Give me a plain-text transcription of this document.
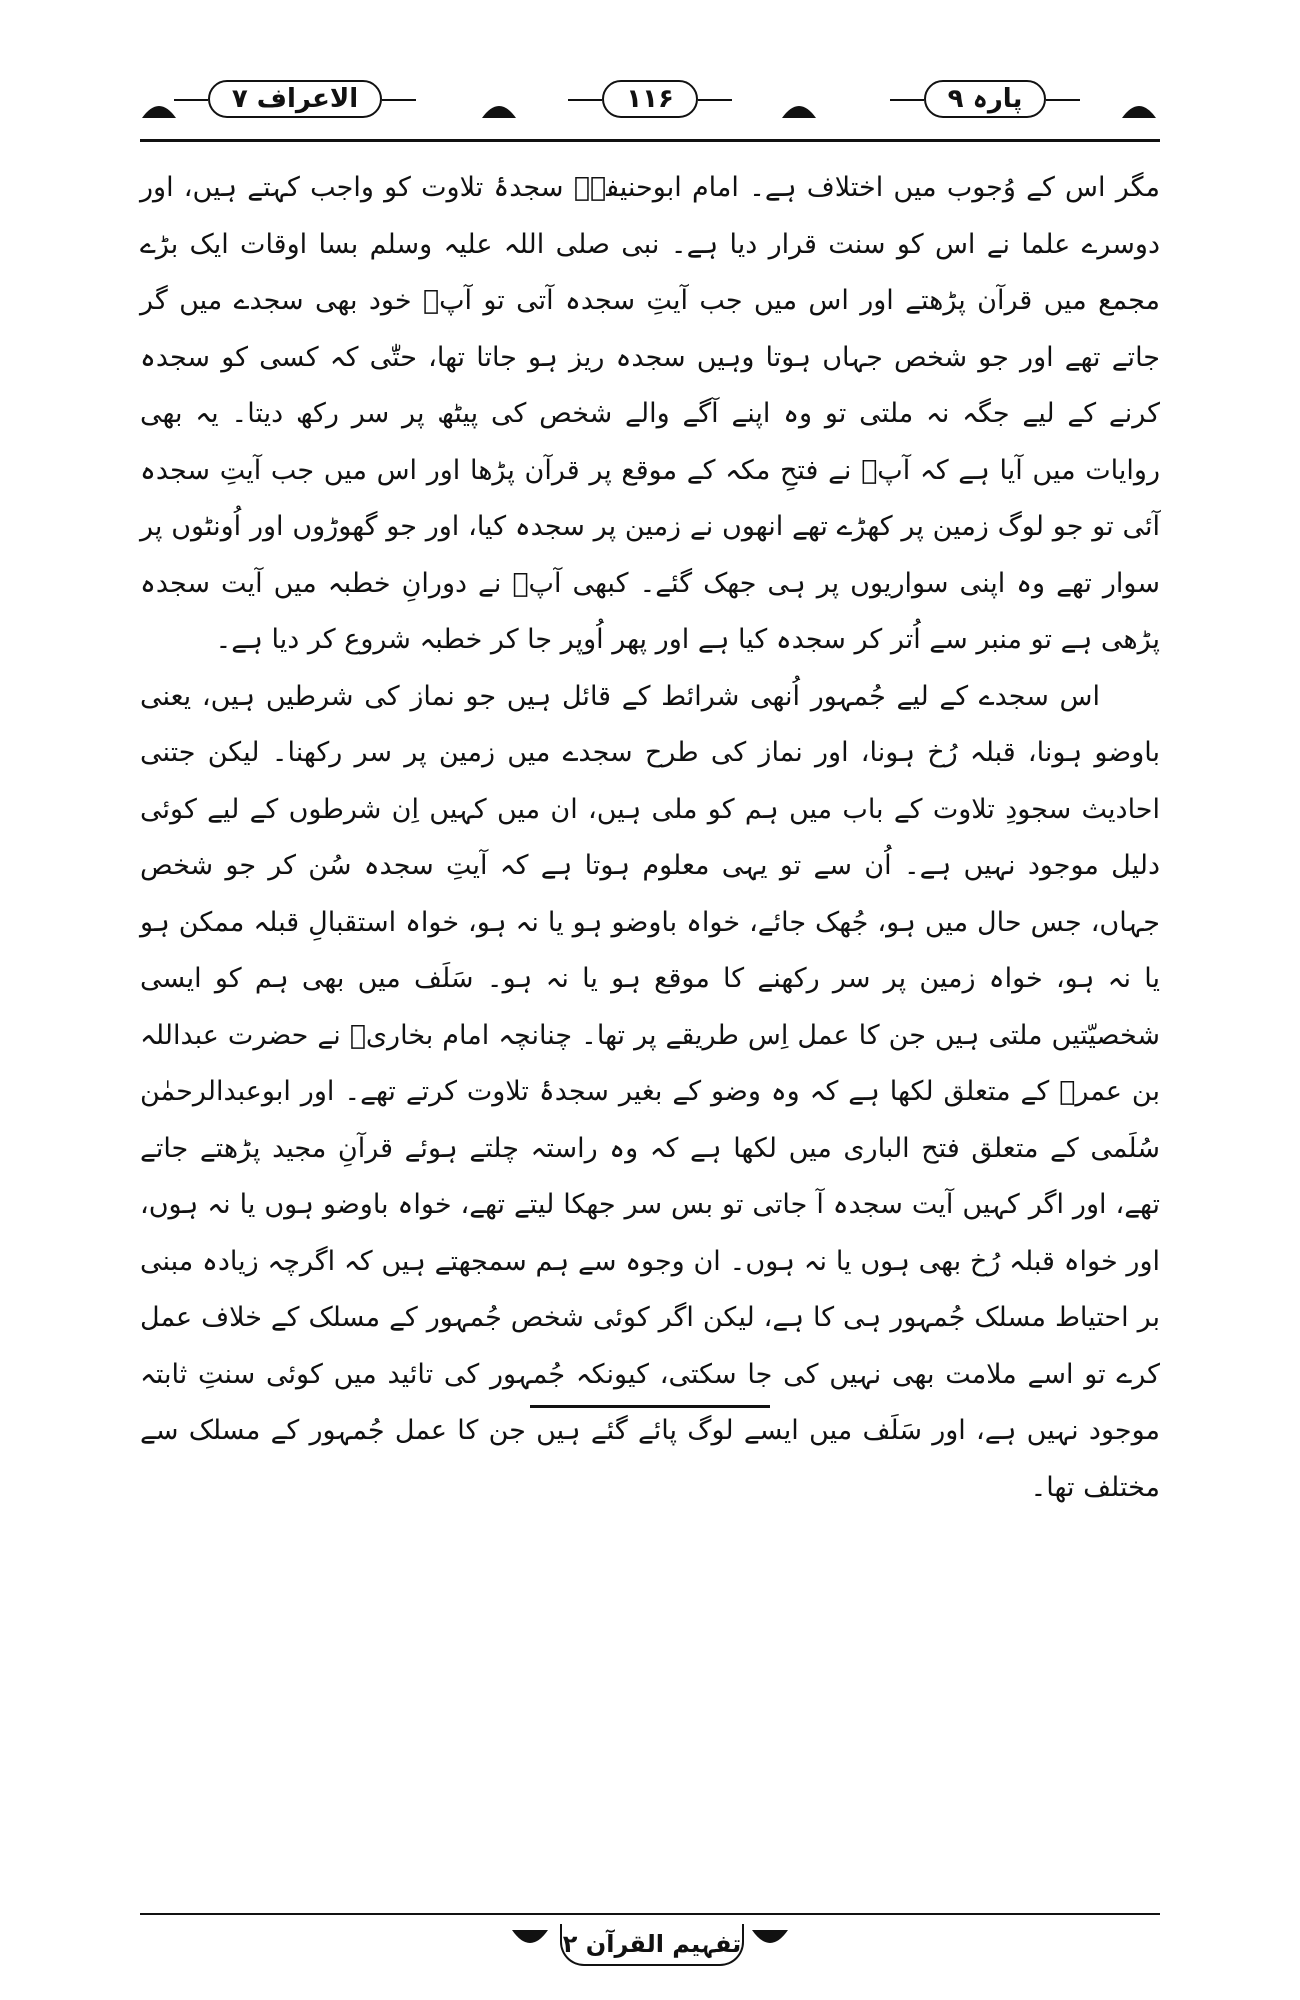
پارہ ۹
۱۱۶
الاعراف ۷

مگر اس کے وُجوب میں اختلاف ہے۔ امام ابوحنیفہؒ سجدۂ تلاوت کو واجب کہتے ہیں، اور دوسرے علما نے اس کو سنت قرار دیا ہے۔ نبی صلی اللہ علیہ وسلم بسا اوقات ایک بڑے مجمع میں قرآن پڑھتے اور اس میں جب آیتِ سجدہ آتی تو آپؐ خود بھی سجدے میں گر جاتے تھے اور جو شخص جہاں ہوتا وہیں سجدہ ریز ہو جاتا تھا، حتّٰی کہ کسی کو سجدہ کرنے کے لیے جگہ نہ ملتی تو وہ اپنے آگے والے شخص کی پیٹھ پر سر رکھ دیتا۔ یہ بھی روایات میں آیا ہے کہ آپؐ نے فتحِ مکہ کے موقع پر قرآن پڑھا اور اس میں جب آیتِ سجدہ آئی تو جو لوگ زمین پر کھڑے تھے انھوں نے زمین پر سجدہ کیا، اور جو گھوڑوں اور اُونٹوں پر سوار تھے وہ اپنی سواریوں پر ہی جھک گئے۔ کبھی آپؐ نے دورانِ خطبہ میں آیت سجدہ پڑھی ہے تو منبر سے اُتر کر سجدہ کیا ہے اور پھر اُوپر جا کر خطبہ شروع کر دیا ہے۔

اس سجدے کے لیے جُمہور اُنھی شرائط کے قائل ہیں جو نماز کی شرطیں ہیں، یعنی باوضو ہونا، قبلہ رُخ ہونا، اور نماز کی طرح سجدے میں زمین پر سر رکھنا۔ لیکن جتنی احادیث سجودِ تلاوت کے باب میں ہم کو ملی ہیں، ان میں کہیں اِن شرطوں کے لیے کوئی دلیل موجود نہیں ہے۔ اُن سے تو یہی معلوم ہوتا ہے کہ آیتِ سجدہ سُن کر جو شخص جہاں، جس حال میں ہو، جُھک جائے، خواہ باوضو ہو یا نہ ہو، خواہ استقبالِ قبلہ ممکن ہو یا نہ ہو، خواہ زمین پر سر رکھنے کا موقع ہو یا نہ ہو۔ سَلَف میں بھی ہم کو ایسی شخصیّتیں ملتی ہیں جن کا عمل اِس طریقے پر تھا۔ چنانچہ امام بخاریؒ نے حضرت عبداللہ بن عمرؓ کے متعلق لکھا ہے کہ وہ وضو کے بغیر سجدۂ تلاوت کرتے تھے۔ اور ابوعبدالرحمٰن سُلَمی کے متعلق فتح الباری میں لکھا ہے کہ وہ راستہ چلتے ہوئے قرآنِ مجید پڑھتے جاتے تھے، اور اگر کہیں آیت سجدہ آ جاتی تو بس سر جھکا لیتے تھے، خواہ باوضو ہوں یا نہ ہوں، اور خواہ قبلہ رُخ بھی ہوں یا نہ ہوں۔ ان وجوہ سے ہم سمجھتے ہیں کہ اگرچہ زیادہ مبنی بر احتیاط مسلک جُمہور ہی کا ہے، لیکن اگر کوئی شخص جُمہور کے مسلک کے خلاف عمل کرے تو اسے ملامت بھی نہیں کی جا سکتی، کیونکہ جُمہور کی تائید میں کوئی سنتِ ثابتہ موجود نہیں ہے، اور سَلَف میں ایسے لوگ پائے گئے ہیں جن کا عمل جُمہور کے مسلک سے مختلف تھا۔

تفہیم القرآن ۲
